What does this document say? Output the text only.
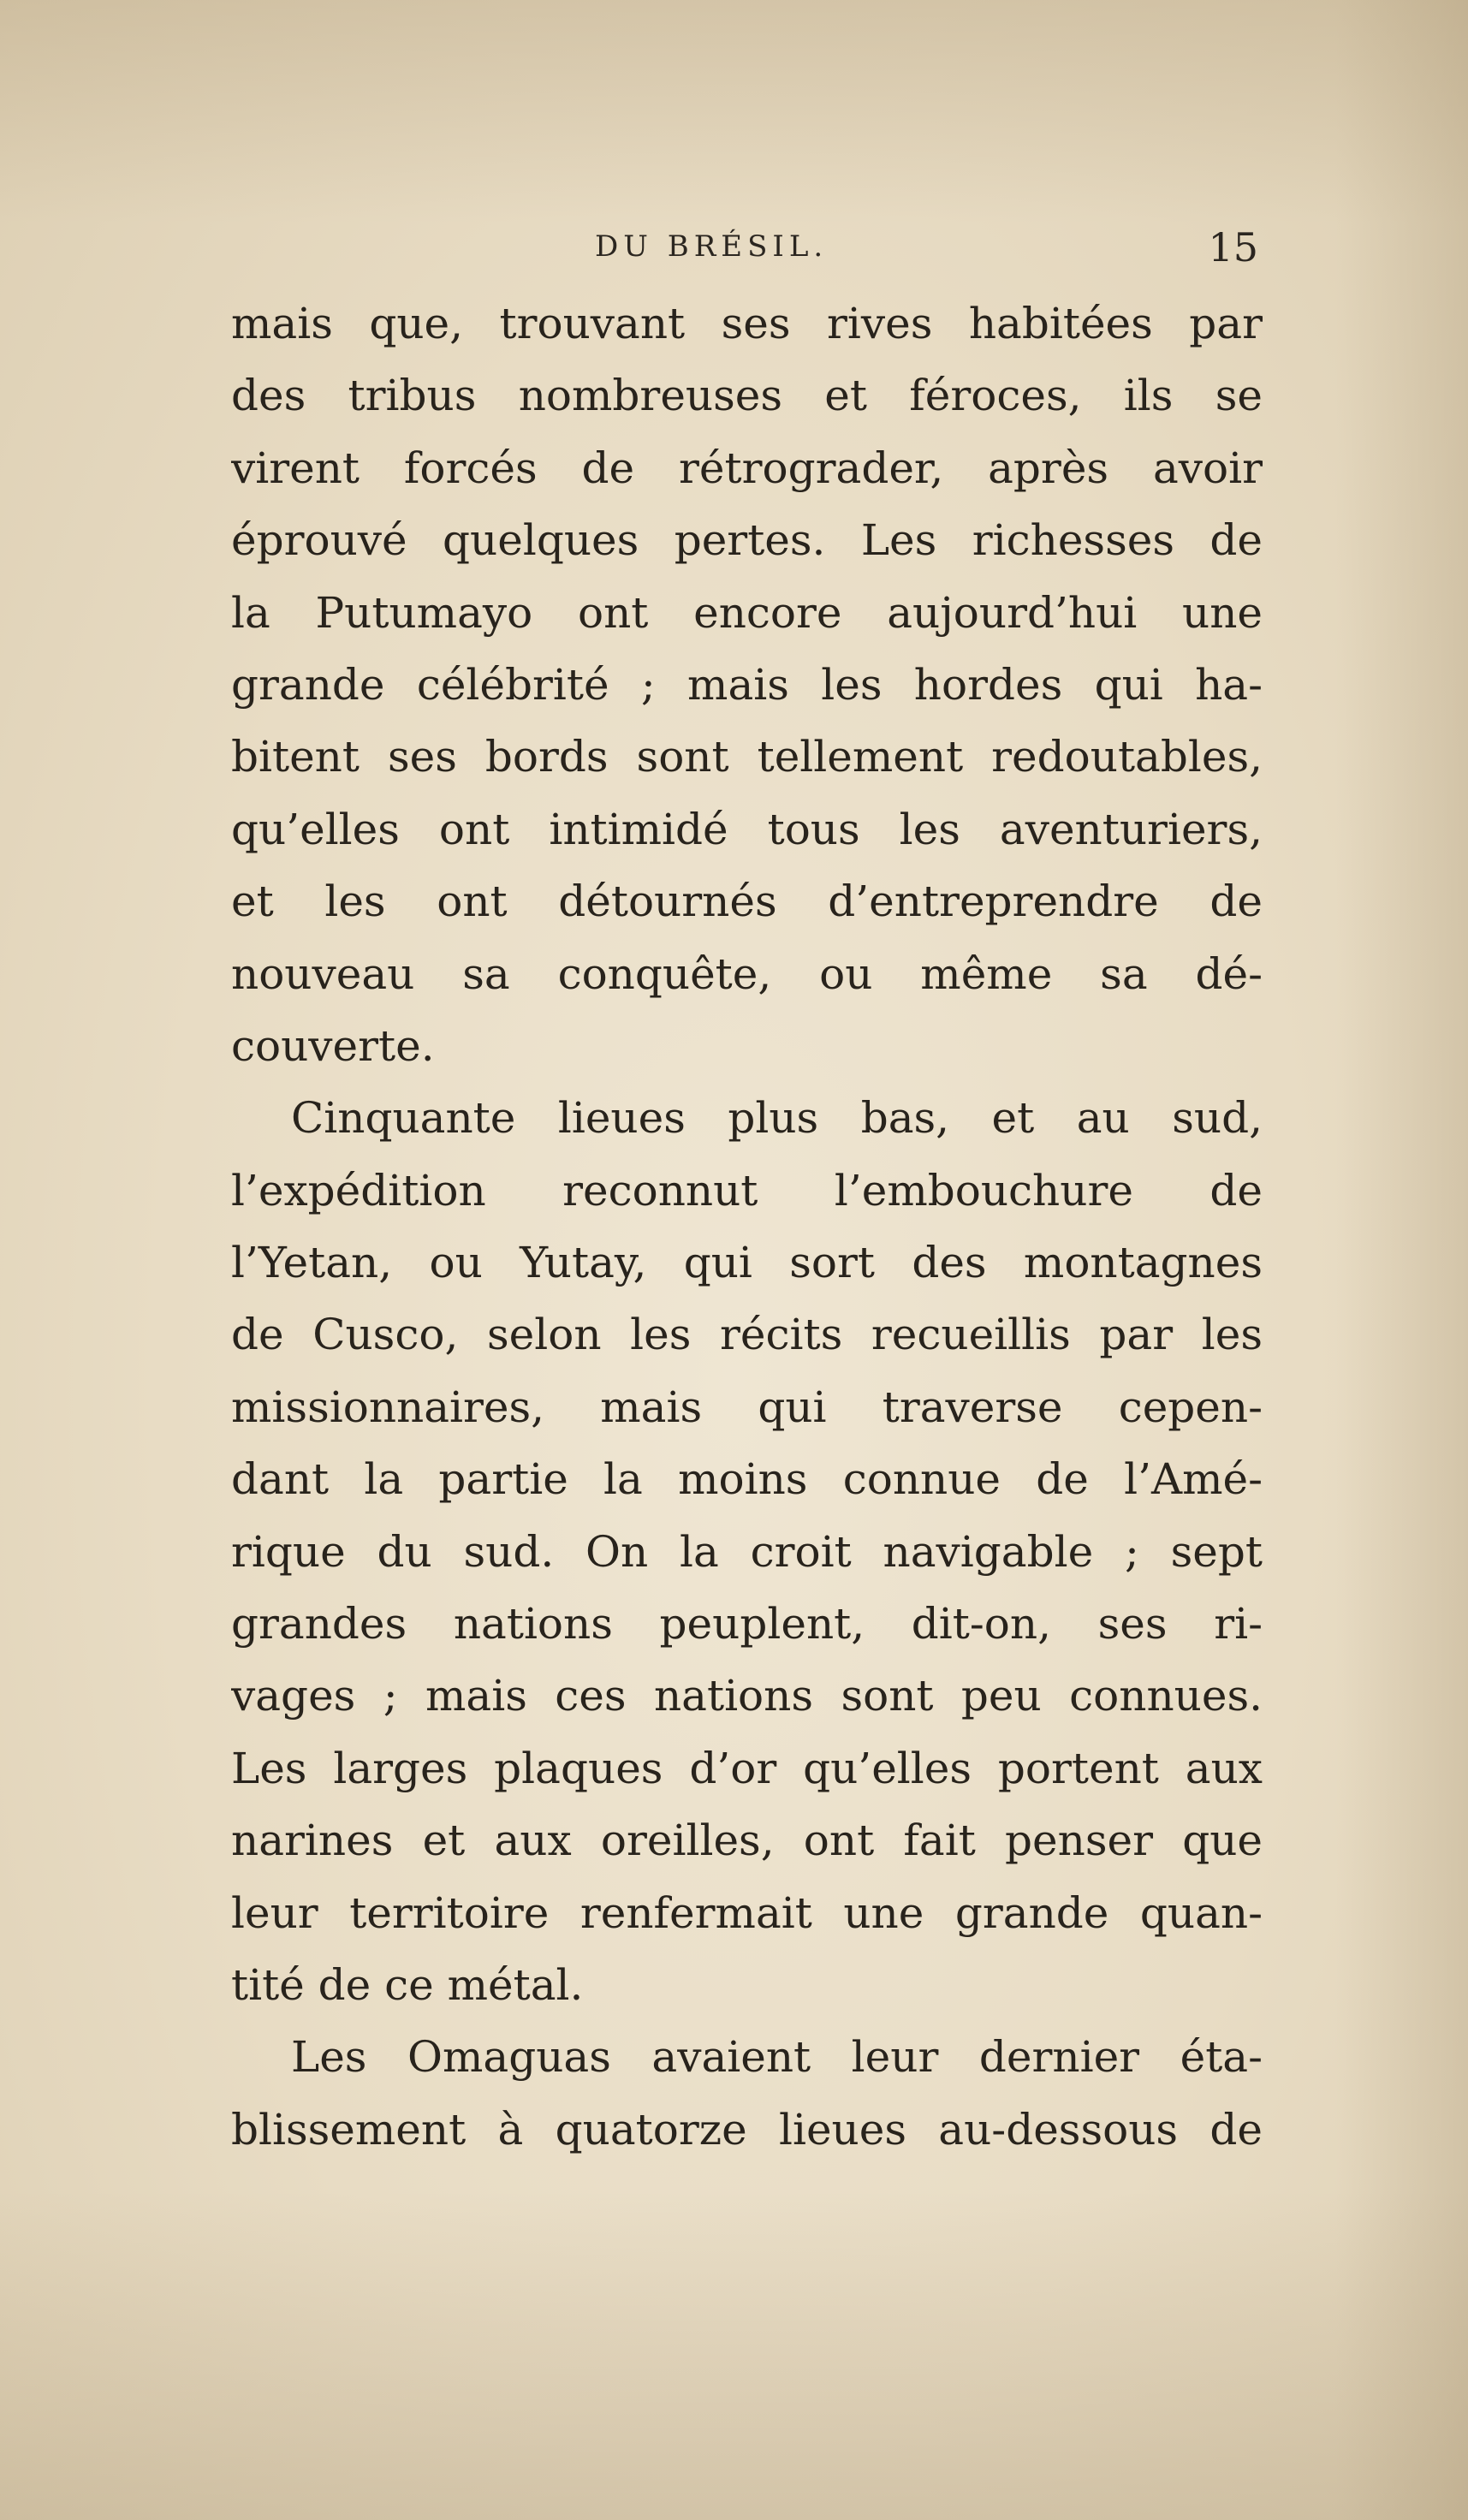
DU BRÉSIL.	15
mais que, trouvant ses rives habitées par
des tribus nombreuses et féroces, ils se
virent forcés de rétrograder, après avoir
éprouvé quelques pertes. Les richesses de
la Putumayo ont encore aujourd’hui une
grande célébrité ; mais les hordes qui ha-
bitent ses bords sont tellement redoutables,
qu’elles ont intimidé tous les aventuriers,
et les ont détournés d’entreprendre de
nouveau sa conquête, ou même sa dé-
couverte.
Cinquante lieues plus bas, et au sud,
l’expédition reconnut l’embouchure de
l’Yetan, ou Yutay, qui sort des montagnes
de Cusco, selon les récits recueillis par les
missionnaires, mais qui traverse cepen-
dant la partie la moins connue de l’Amé-
rique du sud. On la croit navigable ; sept
grandes nations peuplent, dit-on, ses ri-
vages ; mais ces nations sont peu connues.
Les larges plaques d’or qu’elles portent aux
narines et aux oreilles, ont fait penser que
leur territoire renfermait une grande quan-
tité de ce métal.
Les Omaguas avaient leur dernier éta-
blissement à quatorze lieues au-dessous de
